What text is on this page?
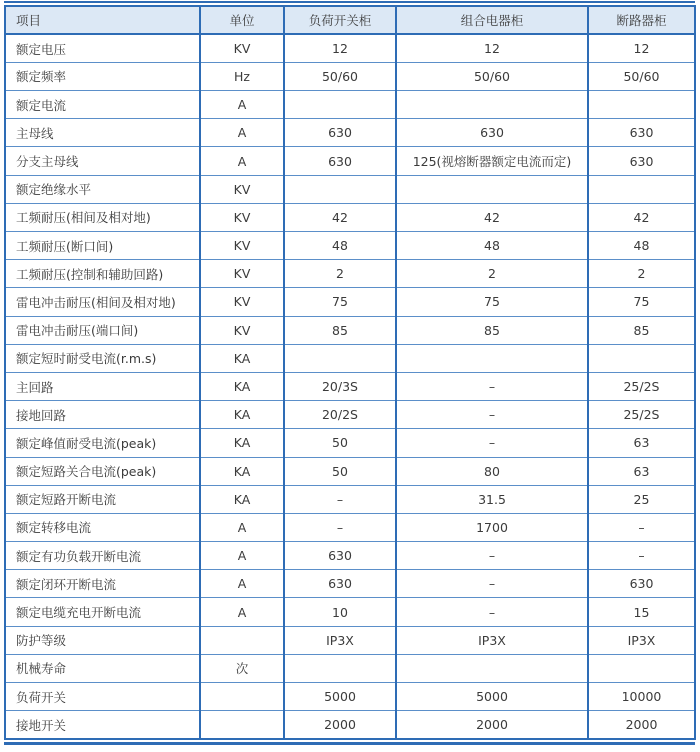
项目	单位	负荷开关柜	组合电器柜	断路器柜
额定电压	KV	12	12	12
额定频率	Hz	50/60	50/60	50/60
额定电流	A			
主母线	A	630	630	630
分支主母线	A	630	125(视熔断器额定电流而定)	630
额定绝缘水平	KV			
工频耐压(相间及相对地)	KV	42	42	42
工频耐压(断口间)	KV	48	48	48
工频耐压(控制和辅助回路)	KV	2	2	2
雷电冲击耐压(相间及相对地)	KV	75	75	75
雷电冲击耐压(端口间)	KV	85	85	85
额定短时耐受电流(r.m.s)	KA			
主回路	KA	20/3S	–	25/2S
接地回路	KA	20/2S	–	25/2S
额定峰值耐受电流(peak)	KA	50	–	63
额定短路关合电流(peak)	KA	50	80	63
额定短路开断电流	KA	–	31.5	25
额定转移电流	A	–	1700	–
额定有功负载开断电流	A	630	–	–
额定闭环开断电流	A	630	–	630
额定电缆充电开断电流	A	10	–	15
防护等级		IP3X	IP3X	IP3X
机械寿命	次			
负荷开关		5000	5000	10000
接地开关		2000	2000	2000
